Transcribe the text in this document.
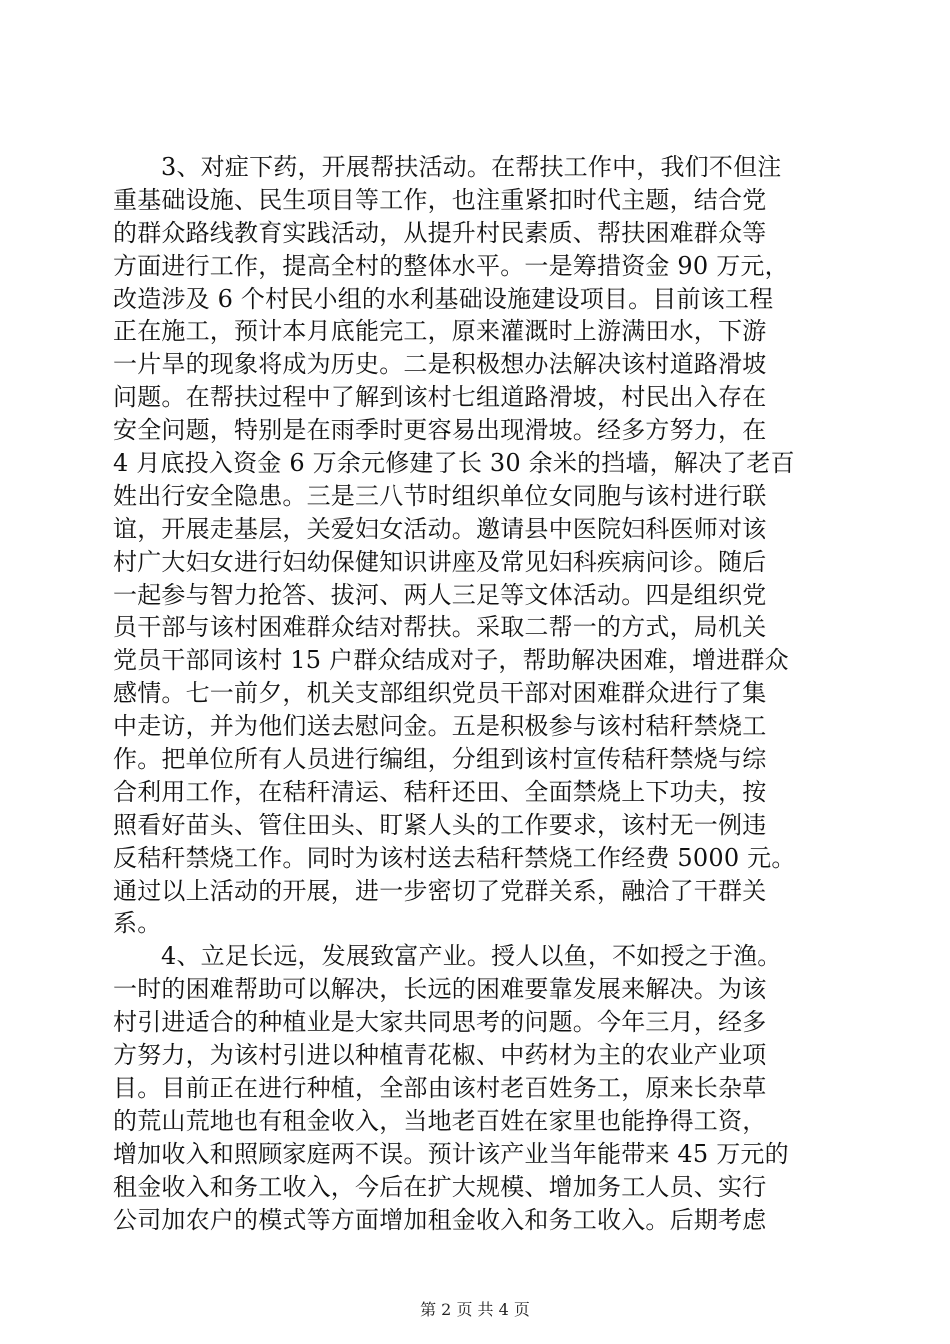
3、对症下药，开展帮扶活动。在帮扶工作中，我们不但注
重基础设施、民生项目等工作，也注重紧扣时代主题，结合党
的群众路线教育实践活动，从提升村民素质、帮扶困难群众等
方面进行工作，提高全村的整体水平。一是筹措资金 90 万元，
改造涉及 6 个村民小组的水利基础设施建设项目。目前该工程
正在施工，预计本月底能完工，原来灌溉时上游满田水，下游
一片旱的现象将成为历史。二是积极想办法解决该村道路滑坡
问题。在帮扶过程中了解到该村七组道路滑坡，村民出入存在
安全问题，特别是在雨季时更容易出现滑坡。经多方努力，在
4 月底投入资金 6 万余元修建了长 30 余米的挡墙，解决了老百
姓出行安全隐患。三是三八节时组织单位女同胞与该村进行联
谊，开展走基层，关爱妇女活动。邀请县中医院妇科医师对该
村广大妇女进行妇幼保健知识讲座及常见妇科疾病问诊。随后
一起参与智力抢答、拔河、两人三足等文体活动。四是组织党
员干部与该村困难群众结对帮扶。采取二帮一的方式，局机关
党员干部同该村 15 户群众结成对子，帮助解决困难，增进群众
感情。七一前夕，机关支部组织党员干部对困难群众进行了集
中走访，并为他们送去慰问金。五是积极参与该村秸秆禁烧工
作。把单位所有人员进行编组，分组到该村宣传秸秆禁烧与综
合利用工作，在秸秆清运、秸秆还田、全面禁烧上下功夫，按
照看好苗头、管住田头、盯紧人头的工作要求，该村无一例违
反秸秆禁烧工作。同时为该村送去秸秆禁烧工作经费 5000 元。
通过以上活动的开展，进一步密切了党群关系，融洽了干群关
系。
4、立足长远，发展致富产业。授人以鱼，不如授之于渔。
一时的困难帮助可以解决，长远的困难要靠发展来解决。为该
村引进适合的种植业是大家共同思考的问题。今年三月，经多
方努力，为该村引进以种植青花椒、中药材为主的农业产业项
目。目前正在进行种植，全部由该村老百姓务工，原来长杂草
的荒山荒地也有租金收入，当地老百姓在家里也能挣得工资，
增加收入和照顾家庭两不误。预计该产业当年能带来 45 万元的
租金收入和务工收入，今后在扩大规模、增加务工人员、实行
公司加农户的模式等方面增加租金收入和务工收入。后期考虑
第 2 页 共 4 页
